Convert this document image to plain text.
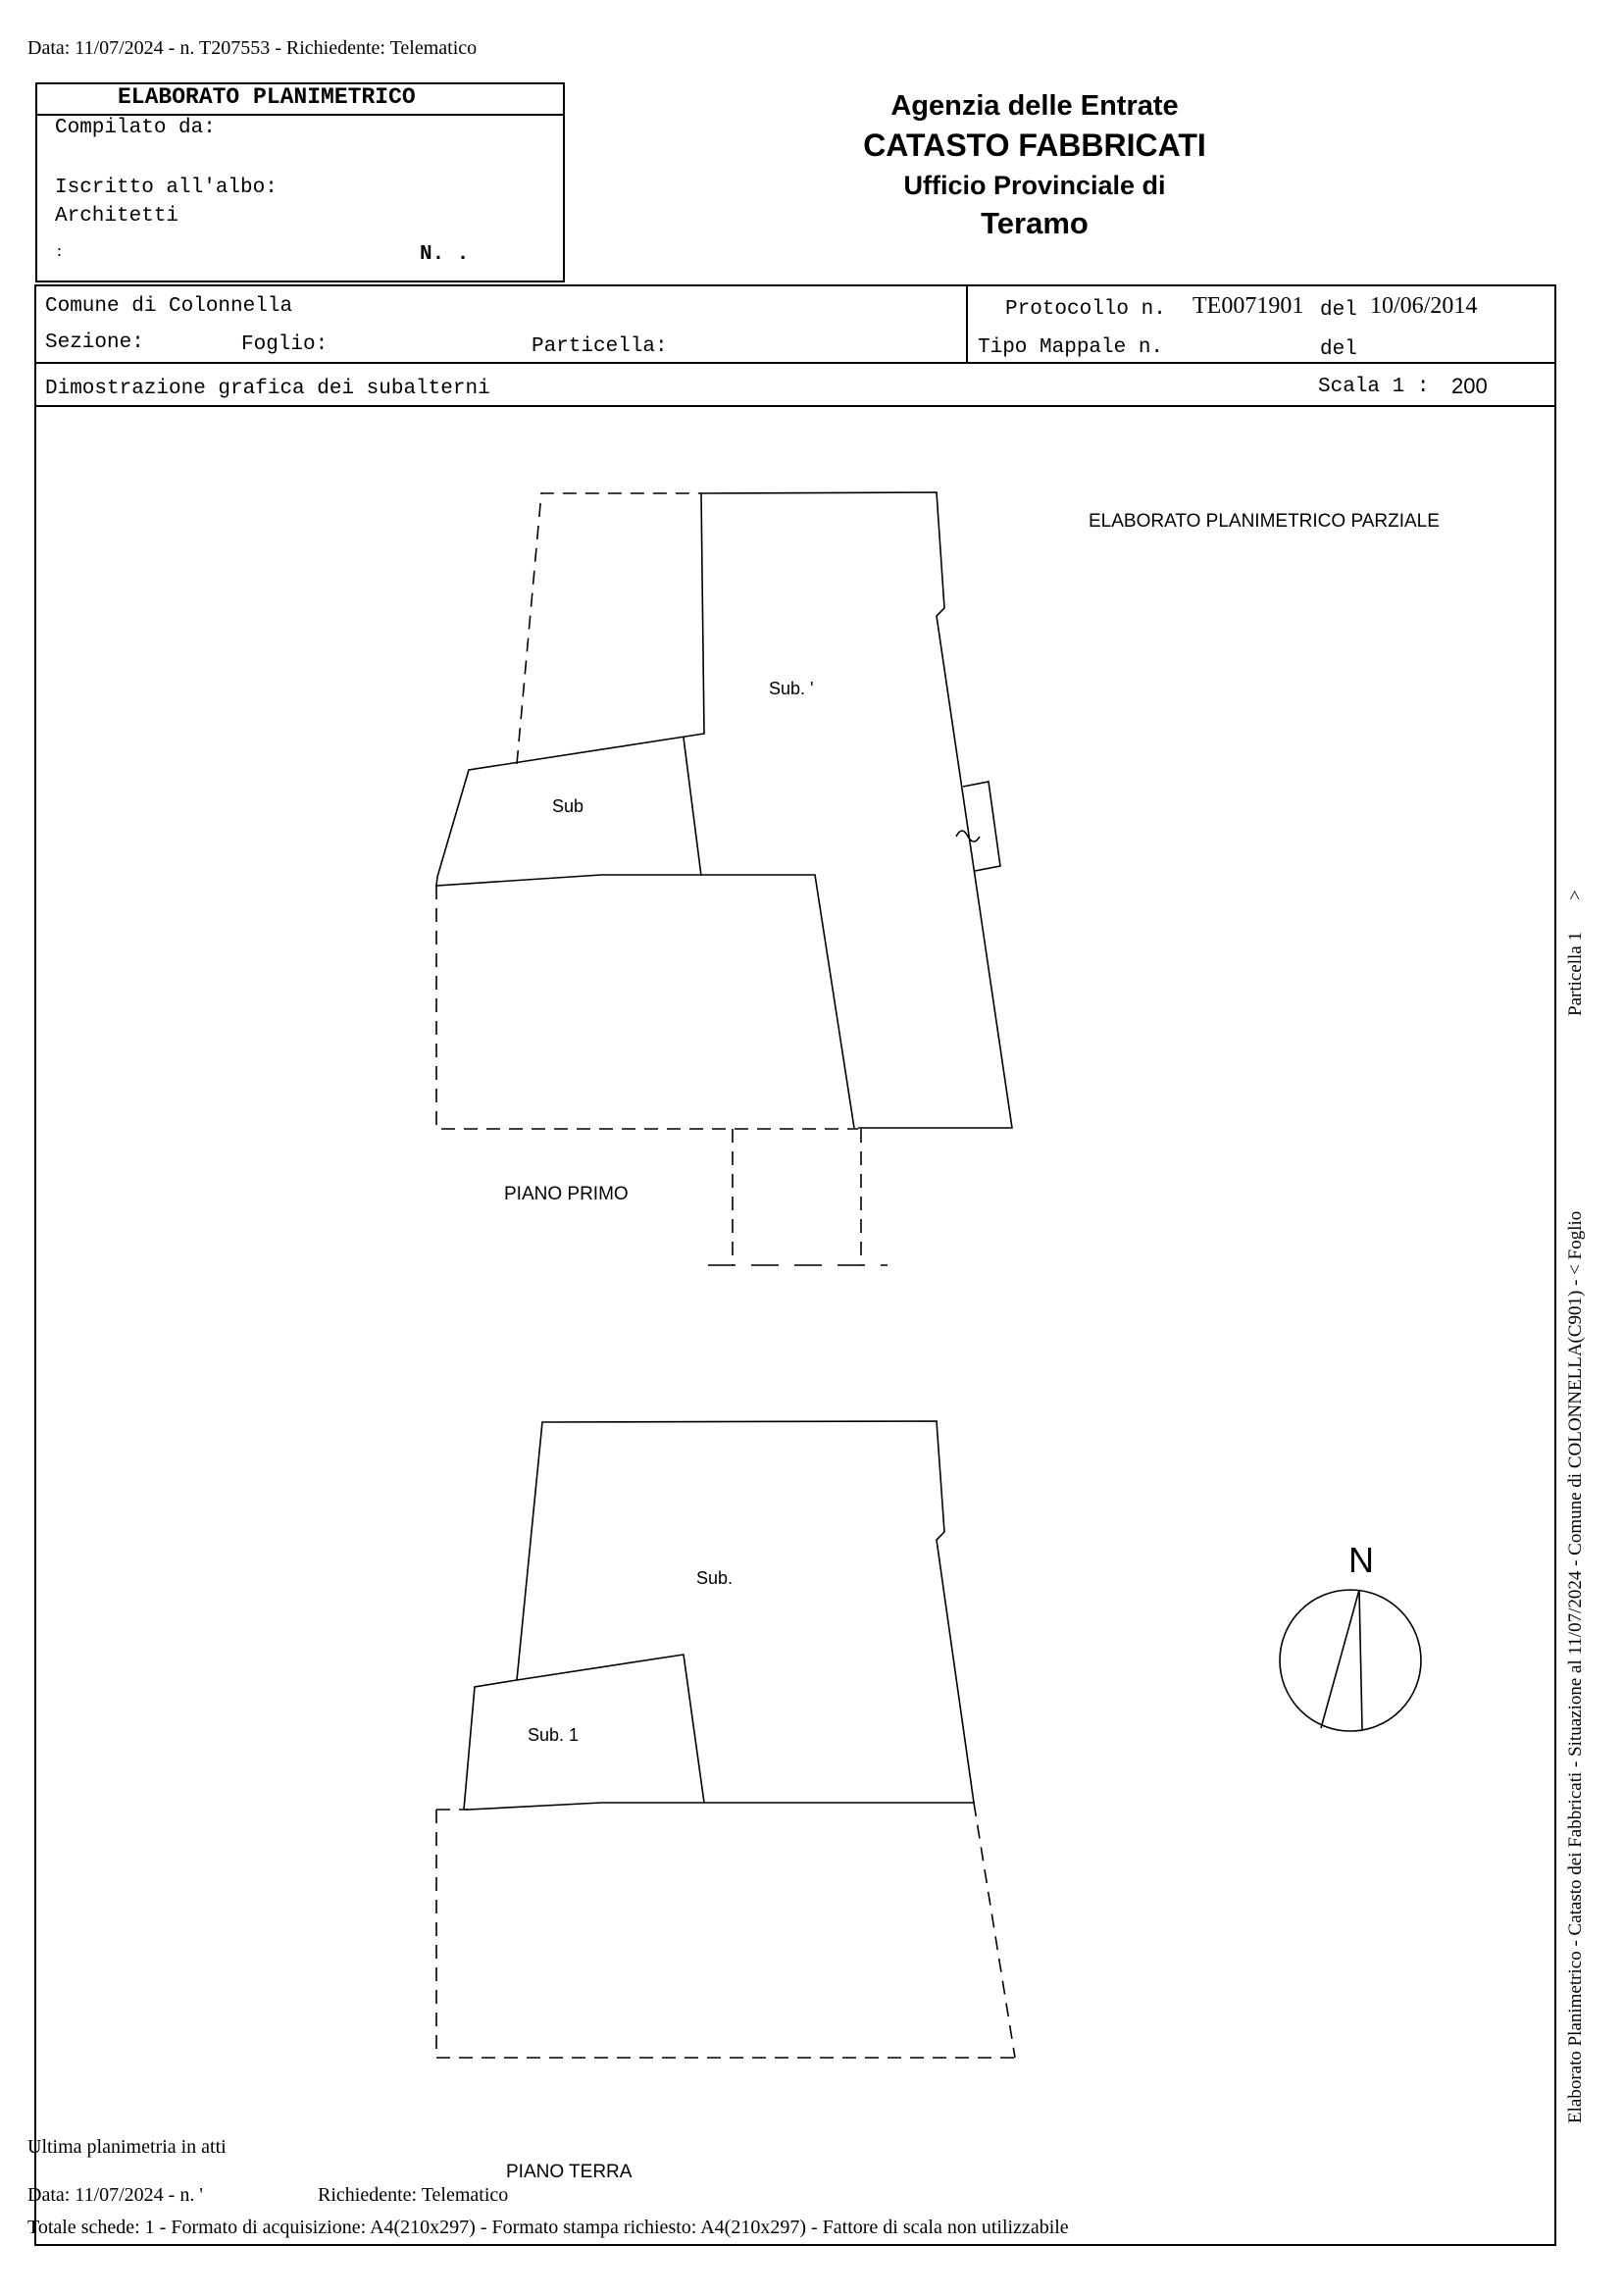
Data: 11/07/2024 - n. T207553 - Richiedente: Telematico
ELABORATO PLANIMETRICO
Compilato da:
Iscritto all'albo:
Architetti
:	N. .
Agenzia delle Entrate
CATASTO FABBRICATI
Ufficio Provinciale di
Teramo
Comune di Colonnella
Sezione:	Foglio:	Particella:
Protocollo n. TE0071901 del 10/06/2014
Tipo Mappale n.	del
Dimostrazione grafica dei subalterni	Scala 1 : 200
ELABORATO PLANIMETRICO PARZIALE
Sub. '
Sub
PIANO PRIMO
Sub.
Sub. 1
N
PIANO TERRA
Ultima planimetria in atti
Data: 11/07/2024 - n. '	Richiedente: Telematico
Totale schede: 1 - Formato di acquisizione: A4(210x297) - Formato stampa richiesto: A4(210x297) - Fattore di scala non utilizzabile
Elaborato Planimetrico - Catasto dei Fabbricati - Situazione al 11/07/2024 - Comune di COLONNELLA(C901) - < Foglio
Particella 1
>
